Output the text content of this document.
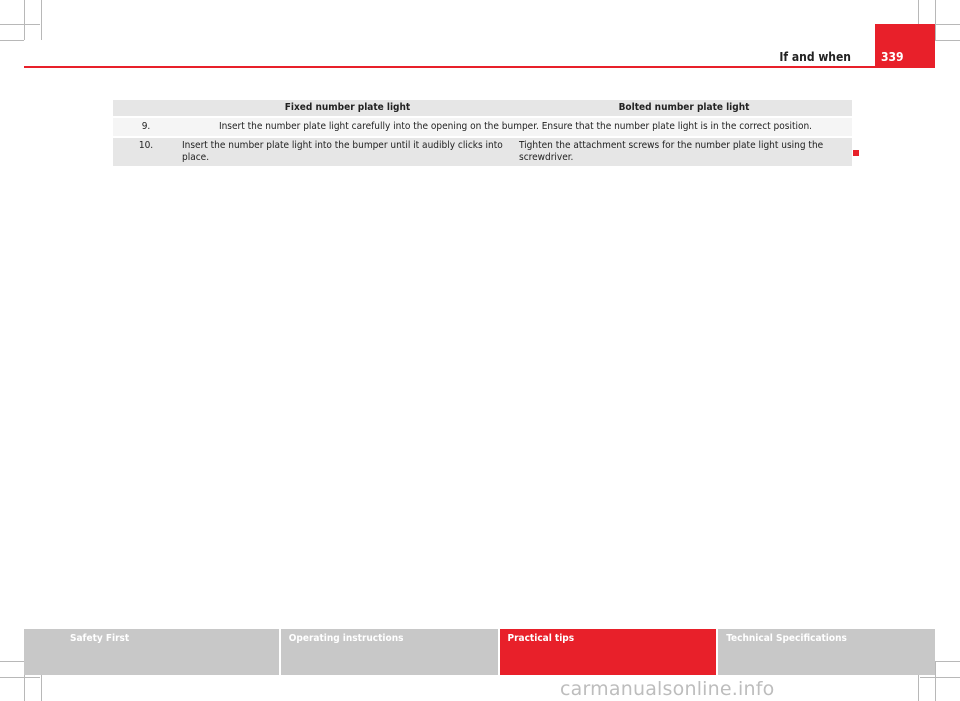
If and when	339
	Fixed number plate light	Bolted number plate light

9.	Insert the number plate light carefully into the opening on the bumper. Ensure that the number plate light is in the correct position.	

10.	Insert the number plate light into the bumper until it audibly clicks into place.	Tighten the attachment screws for the number plate light using the screwdriver.
Safety First	Operating instructions	Practical tips	Technical Specifications
carmanualsonline.info
